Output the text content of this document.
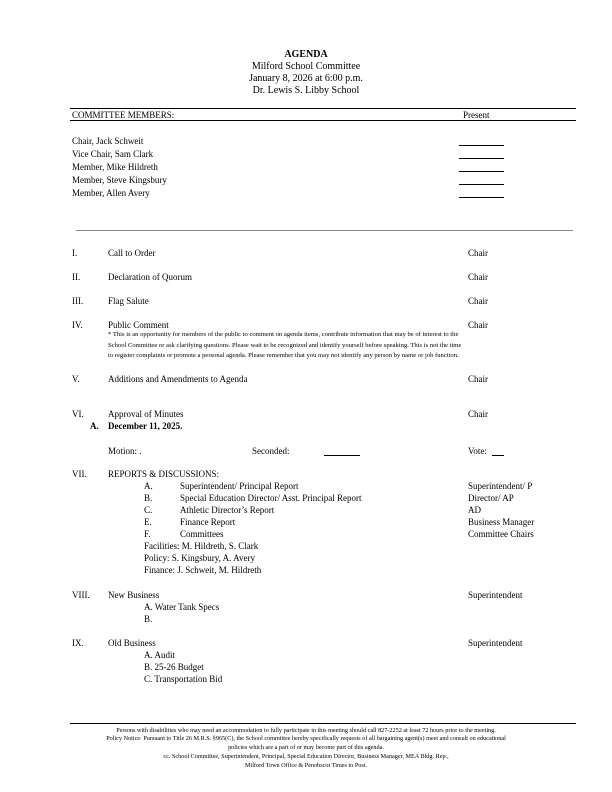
AGENDA
Milford School Committee
January 8, 2026 at 6:00 p.m.
Dr. Lewis S. Libby School
COMMITTEE MEMBERS:	Present
Chair, Jack Schweit
Vice Chair, Sam Clark
Member, Mike Hildreth
Member, Steve Kingsbury
Member, Allen Avery
I.	Call to Order	Chair
II.	Declaration of Quorum	Chair
III.	Flag Salute	Chair
IV.	Public Comment	Chair
* This is an opportunity for members of the public to comment on agenda items, contribute information that may be of interest to the
School Committee or ask clarifying questions. Please wait to be recognized and identify yourself before speaking. This is not the time
to register complaints or promote a personal agenda. Please remember that you may not identify any person by name or job function.
V.	Additions and Amendments to Agenda	Chair
VI.	Approval of Minutes	Chair
A. December 11, 2025.
Motion: .	Seconded:	Vote:
VII. REPORTS & DISCUSSIONS:
A.	Superintendent/ Principal Report	Superintendent/ P
B.	Special Education Director/ Asst. Principal Report	Director/ AP
C.	Athletic Director’s Report	AD
E.	Finance Report	Business Manager
F.	Committees	Committee Chairs
Facilities: M. Hildreth, S. Clark
Policy: S. Kingsbury, A. Avery
Finance: J. Schweit, M. Hildreth
VIII. New Business	Superintendent
A. Water Tank Specs
B.
IX.	Old Business	Superintendent
A. Audit
B. 25-26 Budget
C. Transportation Bid
Persons with disabilities who may need an accommodation to fully participate in this meeting should call 827-2252 at least 72 hours prior to the meeting.
Policy Notice: Pursuant to Title 26 M.R.S. §965(C), the School committee hereby specifically requests of all bargaining agent(s) meet and consult on educational
policies which are a part of or may become part of this agenda.
cc. School Committee, Superintendent, Principal, Special Education Director, Business Manager, MEA Bldg. Rep.,
Milford Town Office & Penobscot Times to Post.
